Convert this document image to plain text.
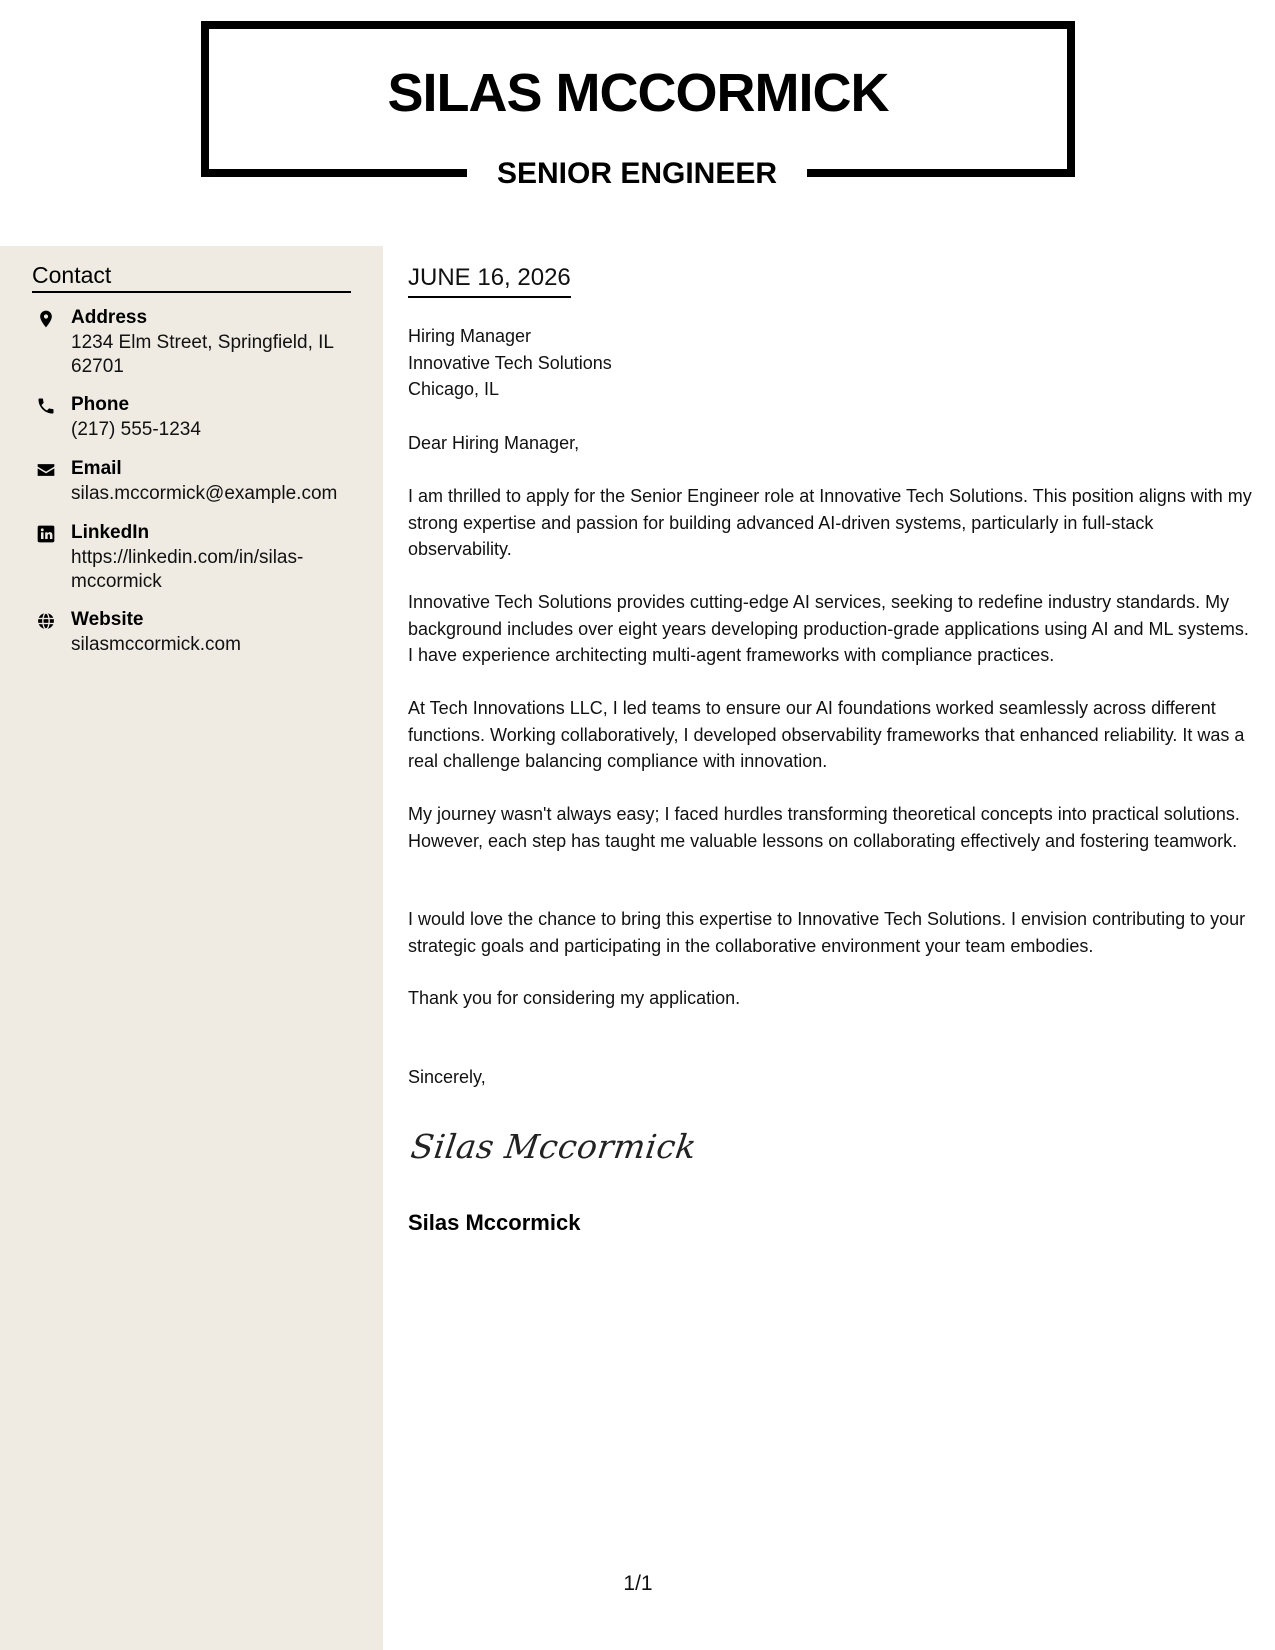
SILAS MCCORMICK
SENIOR ENGINEER
Contact
Address
1234 Elm Street, Springfield, IL 62701
Phone
(217) 555-1234
Email
silas.mccormick@example.com
LinkedIn
https://linkedin.com/in/silas-mccormick
Website
silasmccormick.com
JUNE 16, 2026
Hiring Manager
Innovative Tech Solutions
Chicago, IL

Dear Hiring Manager,

I am thrilled to apply for the Senior Engineer role at Innovative Tech Solutions. This position aligns with my strong expertise and passion for building advanced AI-driven systems, particularly in full-stack observability.

Innovative Tech Solutions provides cutting-edge AI services, seeking to redefine industry standards. My background includes over eight years developing production-grade applications using AI and ML systems. I have experience architecting multi-agent frameworks with compliance practices.

At Tech Innovations LLC, I led teams to ensure our AI foundations worked seamlessly across different functions. Working collaboratively, I developed observability frameworks that enhanced reliability. It was a real challenge balancing compliance with innovation.

My journey wasn't always easy; I faced hurdles transforming theoretical concepts into practical solutions. However, each step has taught me valuable lessons on collaborating effectively and fostering teamwork.

I would love the chance to bring this expertise to Innovative Tech Solutions. I envision contributing to your strategic goals and participating in the collaborative environment your team embodies.

Thank you for considering my application.

Sincerely,

Silas Mccormick
Silas Mccormick
1/1
